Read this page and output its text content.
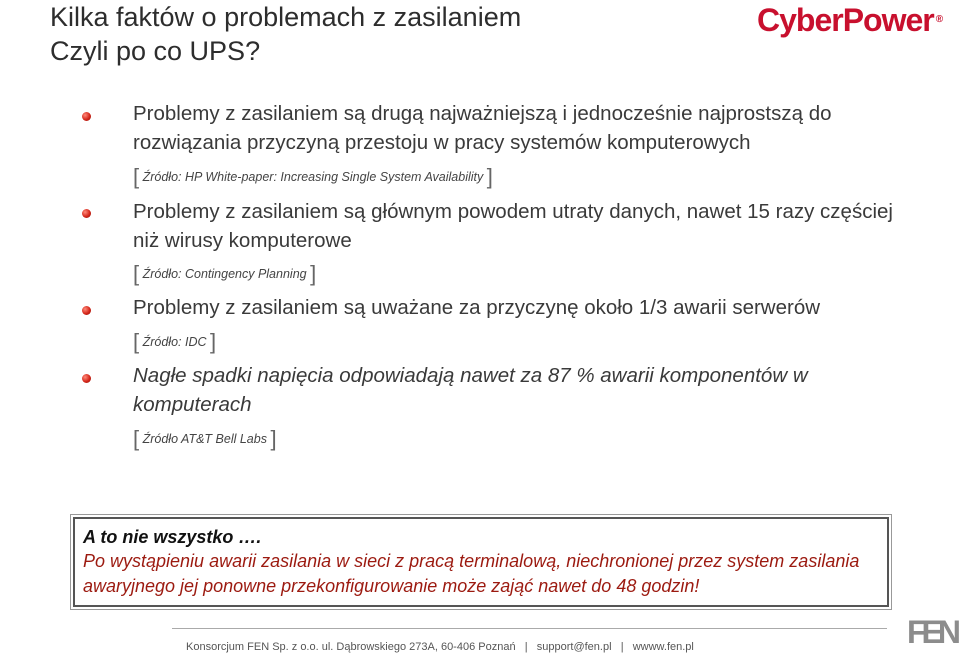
Kilka faktów o problemach z zasilaniem
Czyli po co UPS?
CyberPower ®
Problemy z zasilaniem są drugą najważniejszą i jednocześnie najprostszą do rozwiązania przyczyną przestoju w pracy systemów komputerowych
[ Źródło: HP White-paper: Increasing Single System Availability ]
Problemy z zasilaniem są głównym powodem utraty danych, nawet 15 razy częściej niż wirusy komputerowe
[ Źródło: Contingency Planning ]
Problemy z zasilaniem są uważane za przyczynę około 1/3 awarii serwerów
[ Źródło: IDC ]
Nagłe spadki napięcia odpowiadają nawet za 87 % awarii komponentów w komputerach
[ Źródło AT&T Bell Labs ]
A to nie wszystko ….
Po wystąpieniu awarii zasilania w sieci z pracą terminalową, niechronionej przez system zasilania awaryjnego jej ponowne przekonfigurowanie może zająć nawet do 48 godzin!
Konsorcjum FEN Sp. z o.o. ul. Dąbrowskiego 273A, 60-406 Poznań   |   support@fen.pl   |   wwww.fen.pl	FEN
